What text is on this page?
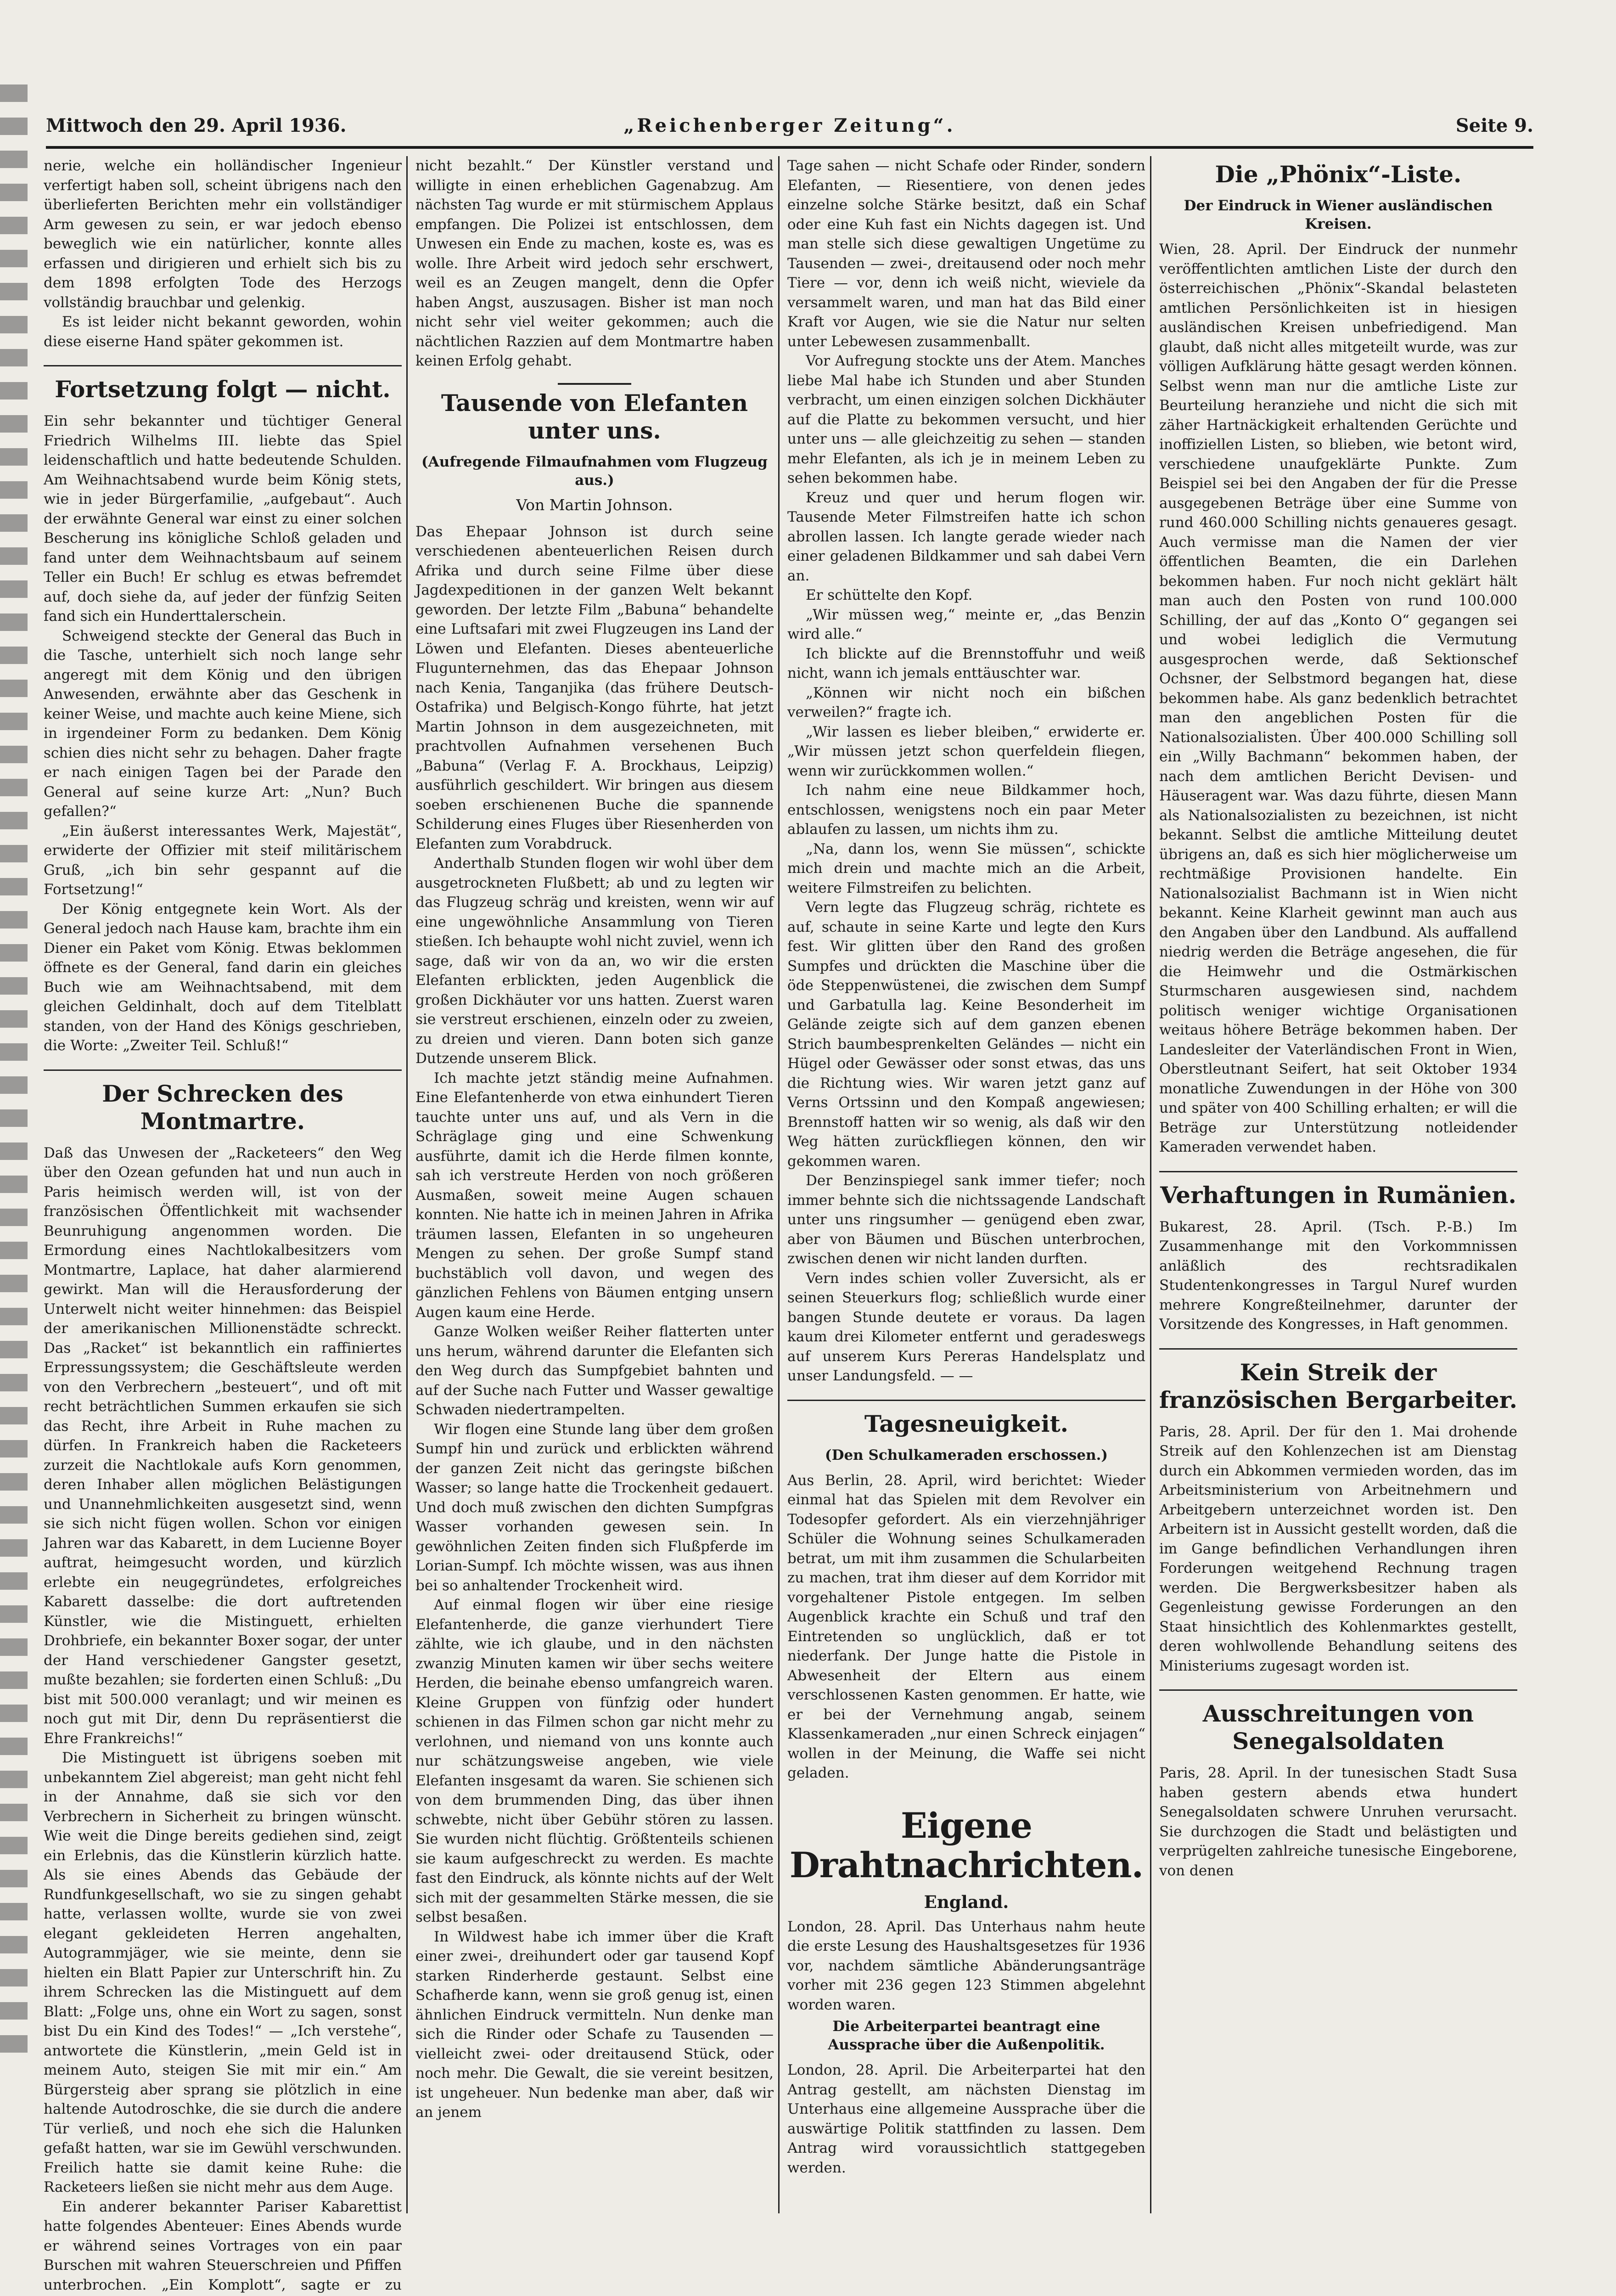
Mittwoch den 29. April 1936.	„Reichenberger Zeitung“.	Seite 9.

nerie, welche ein holländischer Ingenieur verfertigt haben soll, scheint übrigens nach den überlieferten Berichten mehr ein vollständiger Arm gewesen zu sein, er war jedoch ebenso beweglich wie ein natürlicher, konnte alles erfassen und dirigieren und erhielt sich bis zu dem 1898 erfolgten Tode des Herzogs vollständig brauchbar und gelenkig.

Es ist leider nicht bekannt geworden, wohin diese eiserne Hand später gekommen ist.

Fortsetzung folgt — nicht.

Ein sehr bekannter und tüchtiger General Friedrich Wilhelms III. liebte das Spiel leidenschaftlich und hatte bedeutende Schulden. Am Weihnachtsabend wurde beim König stets, wie in jeder Bürgerfamilie, „aufgebaut“. Auch der erwähnte General war einst zu einer solchen Bescherung ins königliche Schloß geladen und fand unter dem Weihnachtsbaum auf seinem Teller ein Buch! Er schlug es etwas befremdet auf, doch siehe da, auf jeder der fünfzig Seiten fand sich ein Hunderttalerschein.

Schweigend steckte der General das Buch in die Tasche, unterhielt sich noch lange sehr angeregt mit dem König und den übrigen Anwesenden, erwähnte aber das Geschenk in keiner Weise, und machte auch keine Miene, sich in irgendeiner Form zu bedanken. Dem König schien dies nicht sehr zu behagen. Daher fragte er nach einigen Tagen bei der Parade den General auf seine kurze Art: „Nun? Buch gefallen?“

„Ein äußerst interessantes Werk, Majestät“, erwiderte der Offizier mit steif militärischem Gruß, „ich bin sehr gespannt auf die Fortsetzung!“

Der König entgegnete kein Wort. Als der General jedoch nach Hause kam, brachte ihm ein Diener ein Paket vom König. Etwas beklommen öffnete es der General, fand darin ein gleiches Buch wie am Weihnachtsabend, mit dem gleichen Geldinhalt, doch auf dem Titelblatt standen, von der Hand des Königs geschrieben, die Worte: „Zweiter Teil. Schluß!“

Der Schrecken des Montmartre.

Daß das Unwesen der „Racketeers“ den Weg über den Ozean gefunden hat und nun auch in Paris heimisch werden will, ist von der französischen Öffentlichkeit mit wachsender Beunruhigung angenommen worden. Die Ermordung eines Nachtlokalbesitzers vom Montmartre, Laplace, hat daher alarmierend gewirkt. Man will die Herausforderung der Unterwelt nicht weiter hinnehmen: das Beispiel der amerikanischen Millionenstädte schreckt. Das „Racket“ ist bekanntlich ein raffiniertes Erpressungssystem; die Geschäftsleute werden von den Verbrechern „besteuert“, und oft mit recht beträchtlichen Summen erkaufen sie sich das Recht, ihre Arbeit in Ruhe machen zu dürfen. In Frankreich haben die Racketeers zurzeit die Nachtlokale aufs Korn genommen, deren Inhaber allen möglichen Belästigungen und Unannehmlichkeiten ausgesetzt sind, wenn sie sich nicht fügen wollen. Schon vor einigen Jahren war das Kabarett, in dem Lucienne Boyer auftrat, heimgesucht worden, und kürzlich erlebte ein neugegründetes, erfolgreiches Kabarett dasselbe: die dort auftretenden Künstler, wie die Mistinguett, erhielten Drohbriefe, ein bekannter Boxer sogar, der unter der Hand verschiedener Gangster gesetzt, mußte bezahlen; sie forderten einen Schluß: „Du bist mit 500.000 veranlagt; und wir meinen es noch gut mit Dir, denn Du repräsentierst die Ehre Frankreichs!“

Die Mistinguett ist übrigens soeben mit unbekanntem Ziel abgereist; man geht nicht fehl in der Annahme, daß sie sich vor den Verbrechern in Sicherheit zu bringen wünscht. Wie weit die Dinge bereits gediehen sind, zeigt ein Erlebnis, das die Künstlerin kürzlich hatte. Als sie eines Abends das Gebäude der Rundfunkgesellschaft, wo sie zu singen gehabt hatte, verlassen wollte, wurde sie von zwei elegant gekleideten Herren angehalten, Autogrammjäger, wie sie meinte, denn sie hielten ein Blatt Papier zur Unterschrift hin. Zu ihrem Schrecken las die Mistinguett auf dem Blatt: „Folge uns, ohne ein Wort zu sagen, sonst bist Du ein Kind des Todes!“ — „Ich verstehe“, antwortete die Künstlerin, „mein Geld ist in meinem Auto, steigen Sie mit mir ein.“ Am Bürgersteig aber sprang sie plötzlich in eine haltende Autodroschke, die sie durch die andere Tür verließ, und noch ehe sich die Halunken gefaßt hatten, war sie im Gewühl verschwunden. Freilich hatte sie damit keine Ruhe: die Racketeers ließen sie nicht mehr aus dem Auge.

Ein anderer bekannter Pariser Kabarettist hatte folgendes Abenteuer: Eines Abends wurde er während seines Vortrages von ein paar Burschen mit wahren Steuerschreien und Pfiffen unterbrochen. „Ein Komplott“, sagte er zu

nicht bezahlt.“ Der Künstler verstand und willigte in einen erheblichen Gagenabzug. Am nächsten Tag wurde er mit stürmischem Applaus empfangen. Die Polizei ist entschlossen, dem Unwesen ein Ende zu machen, koste es, was es wolle. Ihre Arbeit wird jedoch sehr erschwert, weil es an Zeugen mangelt, denn die Opfer haben Angst, auszusagen. Bisher ist man noch nicht sehr viel weiter gekommen; auch die nächtlichen Razzien auf dem Montmartre haben keinen Erfolg gehabt.

Tausende von Elefanten unter uns.
(Aufregende Filmaufnahmen vom Flugzeug aus.)
Von Martin Johnson.

Das Ehepaar Johnson ist durch seine verschiedenen abenteuerlichen Reisen durch Afrika und durch seine Filme über diese Jagdexpeditionen in der ganzen Welt bekannt geworden. Der letzte Film „Babuna“ behandelte eine Luftsafari mit zwei Flugzeugen ins Land der Löwen und Elefanten. Dieses abenteuerliche Flugunternehmen, das das Ehepaar Johnson nach Kenia, Tanganjika (das frühere Deutsch-Ostafrika) und Belgisch-Kongo führte, hat jetzt Martin Johnson in dem ausgezeichneten, mit prachtvollen Aufnahmen versehenen Buch „Babuna“ (Verlag F. A. Brockhaus, Leipzig) ausführlich geschildert. Wir bringen aus diesem soeben erschienenen Buche die spannende Schilderung eines Fluges über Riesenherden von Elefanten zum Vorabdruck.

Anderthalb Stunden flogen wir wohl über dem ausgetrockneten Flußbett; ab und zu legten wir das Flugzeug schräg und kreisten, wenn wir auf eine ungewöhnliche Ansammlung von Tieren stießen. Ich behaupte wohl nicht zuviel, wenn ich sage, daß wir von da an, wo wir die ersten Elefanten erblickten, jeden Augenblick die großen Dickhäuter vor uns hatten. Zuerst waren sie verstreut erschienen, einzeln oder zu zweien, zu dreien und vieren. Dann boten sich ganze Dutzende unserem Blick.

Ich machte jetzt ständig meine Aufnahmen. Eine Elefantenherde von etwa einhundert Tieren tauchte unter uns auf, und als Vern in die Schräglage ging und eine Schwenkung ausführte, damit ich die Herde filmen konnte, sah ich verstreute Herden von noch größeren Ausmaßen, soweit meine Augen schauen konnten. Nie hatte ich in meinen Jahren in Afrika träumen lassen, Elefanten in so ungeheuren Mengen zu sehen. Der große Sumpf stand buchstäblich voll davon, und wegen des gänzlichen Fehlens von Bäumen entging unsern Augen kaum eine Herde.

Ganze Wolken weißer Reiher flatterten unter uns herum, während darunter die Elefanten sich den Weg durch das Sumpfgebiet bahnten und auf der Suche nach Futter und Wasser gewaltige Schwaden niedertrampelten.

Wir flogen eine Stunde lang über dem großen Sumpf hin und zurück und erblickten während der ganzen Zeit nicht das geringste bißchen Wasser; so lange hatte die Trockenheit gedauert. Und doch muß zwischen den dichten Sumpfgras Wasser vorhanden gewesen sein. In gewöhnlichen Zeiten finden sich Flußpferde im Lorian-Sumpf. Ich möchte wissen, was aus ihnen bei so anhaltender Trockenheit wird.

Auf einmal flogen wir über eine riesige Elefantenherde, die ganze vierhundert Tiere zählte, wie ich glaube, und in den nächsten zwanzig Minuten kamen wir über sechs weitere Herden, die beinahe ebenso umfangreich waren. Kleine Gruppen von fünfzig oder hundert schienen in das Filmen schon gar nicht mehr zu verlohnen, und niemand von uns konnte auch nur schätzungsweise angeben, wie viele Elefanten insgesamt da waren. Sie schienen sich von dem brummenden Ding, das über ihnen schwebte, nicht über Gebühr stören zu lassen. Sie wurden nicht flüchtig. Größtenteils schienen sie kaum aufgeschreckt zu werden. Es machte fast den Eindruck, als könnte nichts auf der Welt sich mit der gesammelten Stärke messen, die sie selbst besaßen.

In Wildwest habe ich immer über die Kraft einer zwei-, dreihundert oder gar tausend Kopf starken Rinderherde gestaunt. Selbst eine Schafherde kann, wenn sie groß genug ist, einen ähnlichen Eindruck vermitteln. Nun denke man sich die Rinder oder Schafe zu Tausenden — vielleicht zwei- oder dreitausend Stück, oder noch mehr. Die Gewalt, die sie vereint besitzen, ist ungeheuer. Nun bedenke man aber, daß wir an jenem

Tage sahen — nicht Schafe oder Rinder, sondern Elefanten, — Riesentiere, von denen jedes einzelne solche Stärke besitzt, daß ein Schaf oder eine Kuh fast ein Nichts dagegen ist. Und man stelle sich diese gewaltigen Ungetüme zu Tausenden — zwei-, dreitausend oder noch mehr Tiere — vor, denn ich weiß nicht, wieviele da versammelt waren, und man hat das Bild einer Kraft vor Augen, wie sie die Natur nur selten unter Lebewesen zusammenballt.

Vor Aufregung stockte uns der Atem. Manches liebe Mal habe ich Stunden und aber Stunden verbracht, um einen einzigen solchen Dickhäuter auf die Platte zu bekommen versucht, und hier unter uns — alle gleichzeitig zu sehen — standen mehr Elefanten, als ich je in meinem Leben zu sehen bekommen habe.

Kreuz und quer und herum flogen wir. Tausende Meter Filmstreifen hatte ich schon abrollen lassen. Ich langte gerade wieder nach einer geladenen Bildkammer und sah dabei Vern an.

Er schüttelte den Kopf.

„Wir müssen weg,“ meinte er, „das Benzin wird alle.“

Ich blickte auf die Brennstoffuhr und weiß nicht, wann ich jemals enttäuschter war.

„Können wir nicht noch ein bißchen verweilen?“ fragte ich.

„Wir lassen es lieber bleiben,“ erwiderte er. „Wir müssen jetzt schon querfeldein fliegen, wenn wir zurückkommen wollen.“

Ich nahm eine neue Bildkammer hoch, entschlossen, wenigstens noch ein paar Meter ablaufen zu lassen, um nichts ihm zu.

„Na, dann los, wenn Sie müssen“, schickte mich drein und machte mich an die Arbeit, weitere Filmstreifen zu belichten.

Vern legte das Flugzeug schräg, richtete es auf, schaute in seine Karte und legte den Kurs fest. Wir glitten über den Rand des großen Sumpfes und drückten die Maschine über die öde Steppenwüstenei, die zwischen dem Sumpf und Garbatulla lag. Keine Besonderheit im Gelände zeigte sich auf dem ganzen ebenen Strich baumbesprenkelten Geländes — nicht ein Hügel oder Gewässer oder sonst etwas, das uns die Richtung wies. Wir waren jetzt ganz auf Verns Ortssinn und den Kompaß angewiesen; Brennstoff hatten wir so wenig, als daß wir den Weg hätten zurückfliegen können, den wir gekommen waren.

Der Benzinspiegel sank immer tiefer; noch immer behnte sich die nichtssagende Landschaft unter uns ringsumher — genügend eben zwar, aber von Bäumen und Büschen unterbrochen, zwischen denen wir nicht landen durften.

Vern indes schien voller Zuversicht, als er seinen Steuerkurs flog; schließlich wurde einer bangen Stunde deutete er voraus. Da lagen kaum drei Kilometer entfernt und geradeswegs auf unserem Kurs Pereras Handelsplatz und unser Landungsfeld. — —

Tagesneuigkeit.
(Den Schulkameraden erschossen.)

Aus Berlin, 28. April, wird berichtet: Wieder einmal hat das Spielen mit dem Revolver ein Todesopfer gefordert. Als ein vierzehnjähriger Schüler die Wohnung seines Schulkameraden betrat, um mit ihm zusammen die Schularbeiten zu machen, trat ihm dieser auf dem Korridor mit vorgehaltener Pistole entgegen. Im selben Augenblick krachte ein Schuß und traf den Eintretenden so unglücklich, daß er tot niederfank. Der Junge hatte die Pistole in Abwesenheit der Eltern aus einem verschlossenen Kasten genommen. Er hatte, wie er bei der Vernehmung angab, seinem Klassenkameraden „nur einen Schreck einjagen“ wollen in der Meinung, die Waffe sei nicht geladen.

Eigene Drahtnachrichten.
England.

London, 28. April. Das Unterhaus nahm heute die erste Lesung des Haushaltsgesetzes für 1936 vor, nachdem sämtliche Abänderungsanträge vorher mit 236 gegen 123 Stimmen abgelehnt worden waren.

Die Arbeiterpartei beantragt eine Aussprache über die Außenpolitik.

London, 28. April. Die Arbeiterpartei hat den Antrag gestellt, am nächsten Dienstag im Unterhaus eine allgemeine Aussprache über die auswärtige Politik stattfinden zu lassen. Dem Antrag wird voraussichtlich stattgegeben werden.

Die „Phönix“-Liste.
Der Eindruck in Wiener ausländischen Kreisen.

Wien, 28. April. Der Eindruck der nunmehr veröffentlichten amtlichen Liste der durch den österreichischen „Phönix“-Skandal belasteten amtlichen Persönlichkeiten ist in hiesigen ausländischen Kreisen unbefriedigend. Man glaubt, daß nicht alles mitgeteilt wurde, was zur völligen Aufklärung hätte gesagt werden können. Selbst wenn man nur die amtliche Liste zur Beurteilung heranziehe und nicht die sich mit zäher Hartnäckigkeit erhaltenden Gerüchte und inoffiziellen Listen, so blieben, wie betont wird, verschiedene unaufgeklärte Punkte. Zum Beispiel sei bei den Angaben der für die Presse ausgegebenen Beträge über eine Summe von rund 460.000 Schilling nichts genaueres gesagt. Auch vermisse man die Namen der vier öffentlichen Beamten, die ein Darlehen bekommen haben. Fur noch nicht geklärt hält man auch den Posten von rund 100.000 Schilling, der auf das „Konto O“ gegangen sei und wobei lediglich die Vermutung ausgesprochen werde, daß Sektionschef Ochsner, der Selbstmord begangen hat, diese bekommen habe. Als ganz bedenklich betrachtet man den angeblichen Posten für die Nationalsozialisten. Über 400.000 Schilling soll ein „Willy Bachmann“ bekommen haben, der nach dem amtlichen Bericht Devisen- und Häuseragent war. Was dazu führte, diesen Mann als Nationalsozialisten zu bezeichnen, ist nicht bekannt. Selbst die amtliche Mitteilung deutet übrigens an, daß es sich hier möglicherweise um rechtmäßige Provisionen handelte. Ein Nationalsozialist Bachmann ist in Wien nicht bekannt. Keine Klarheit gewinnt man auch aus den Angaben über den Landbund. Als auffallend niedrig werden die Beträge angesehen, die für die Heimwehr und die Ostmärkischen Sturmscharen ausgewiesen sind, nachdem politisch weniger wichtige Organisationen weitaus höhere Beträge bekommen haben. Der Landesleiter der Vaterländischen Front in Wien, Oberstleutnant Seifert, hat seit Oktober 1934 monatliche Zuwendungen in der Höhe von 300 und später von 400 Schilling erhalten; er will die Beträge zur Unterstützung notleidender Kameraden verwendet haben.

Verhaftungen in Rumänien.

Bukarest, 28. April. (Tsch. P.-B.) Im Zusammenhange mit den Vorkommnissen anläßlich des rechtsradikalen Studentenkongresses in Targul Nuref wurden mehrere Kongreßteilnehmer, darunter der Vorsitzende des Kongresses, in Haft genommen.

Kein Streik der französischen Bergarbeiter.

Paris, 28. April. Der für den 1. Mai drohende Streik auf den Kohlenzechen ist am Dienstag durch ein Abkommen vermieden worden, das im Arbeitsministerium von Arbeitnehmern und Arbeitgebern unterzeichnet worden ist. Den Arbeitern ist in Aussicht gestellt worden, daß die im Gange befindlichen Verhandlungen ihren Forderungen weitgehend Rechnung tragen werden. Die Bergwerksbesitzer haben als Gegenleistung gewisse Forderungen an den Staat hinsichtlich des Kohlenmarktes gestellt, deren wohlwollende Behandlung seitens des Ministeriums zugesagt worden ist.

Ausschreitungen von Senegalsoldaten

Paris, 28. April. In der tunesischen Stadt Susa haben gestern abends etwa hundert Senegalsoldaten schwere Unruhen verursacht. Sie durchzogen die Stadt und belästigten und verprügelten zahlreiche tunesische Eingeborene, von denen
